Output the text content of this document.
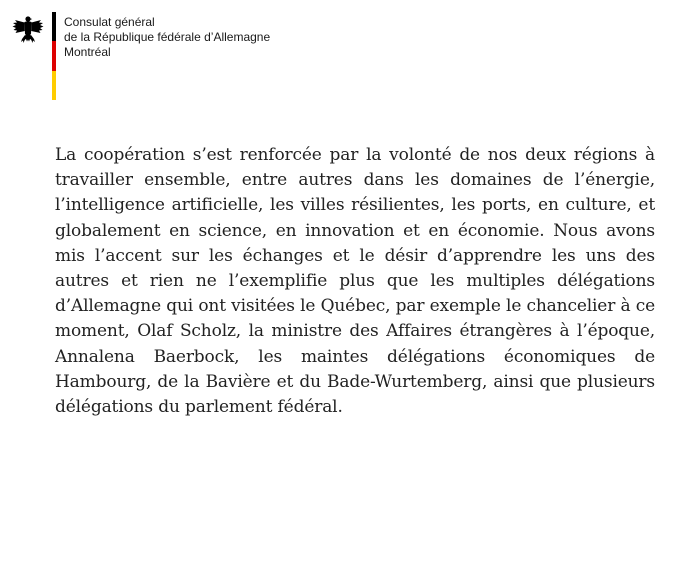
Consulat général
de la République fédérale d’Allemagne
Montréal

La coopération s’est renforcée par la volonté de nos deux régions à travailler ensemble, entre autres dans les domaines de l’énergie, l’intelligence artificielle, les villes résilientes, les ports, en culture, et globalement en science, en innovation et en économie. Nous avons mis l’accent sur les échanges et le désir d’apprendre les uns des autres et rien ne l’exemplifie plus que les multiples délégations d’Allemagne qui ont visitées le Québec, par exemple le chancelier à ce moment, Olaf Scholz, la ministre des Affaires étrangères à l’époque, Annalena Baerbock, les maintes délégations économiques de Hambourg, de la Bavière et du Bade-Wurtemberg, ainsi que plusieurs délégations du parlement fédéral.
